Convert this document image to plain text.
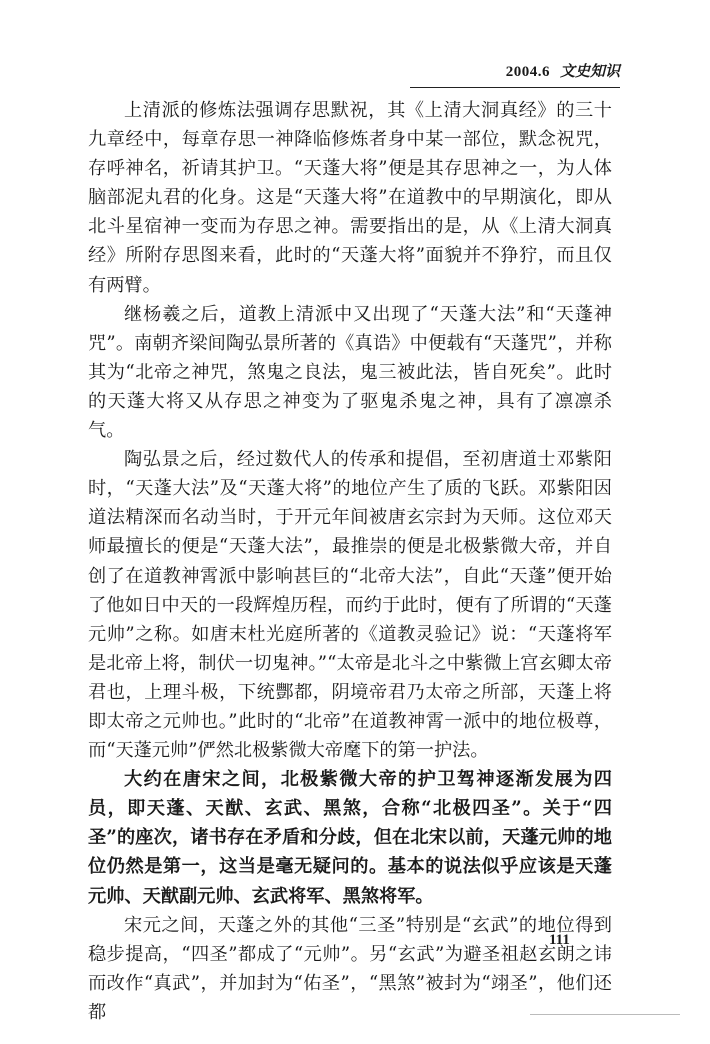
2004.6 文史知识

上清派的修炼法强调存思默祝，其《上清大洞真经》的三十九章经中，每章存思一神降临修炼者身中某一部位，默念祝咒，存呼神名，祈请其护卫。“天蓬大将”便是其存思神之一，为人体脑部泥丸君的化身。这是“天蓬大将”在道教中的早期演化，即从北斗星宿神一变而为存思之神。需要指出的是，从《上清大洞真经》所附存思图来看，此时的“天蓬大将”面貌并不狰狞，而且仅有两臂。

继杨羲之后，道教上清派中又出现了“天蓬大法”和“天蓬神咒”。南朝齐梁间陶弘景所著的《真诰》中便载有“天蓬咒”，并称其为“北帝之神咒，煞鬼之良法，鬼三被此法，皆自死矣”。此时的天蓬大将又从存思之神变为了驱鬼杀鬼之神，具有了凛凛杀气。

陶弘景之后，经过数代人的传承和提倡，至初唐道士邓紫阳时，“天蓬大法”及“天蓬大将”的地位产生了质的飞跃。邓紫阳因道法精深而名动当时，于开元年间被唐玄宗封为天师。这位邓天师最擅长的便是“天蓬大法”，最推崇的便是北极紫微大帝，并自创了在道教神霄派中影响甚巨的“北帝大法”，自此“天蓬”便开始了他如日中天的一段辉煌历程，而约于此时，便有了所谓的“天蓬元帅”之称。如唐末杜光庭所著的《道教灵验记》说：“天蓬将军是北帝上将，制伏一切鬼神。”“太帝是北斗之中紫微上宫玄卿太帝君也，上理斗极，下统酆都，阴境帝君乃太帝之所部，天蓬上将即太帝之元帅也。”此时的“北帝”在道教神霄一派中的地位极尊，而“天蓬元帅”俨然北极紫微大帝麾下的第一护法。

大约在唐宋之间，北极紫微大帝的护卫驾神逐渐发展为四员，即天蓬、天猷、玄武、黑煞，合称“北极四圣”。关于“四圣”的座次，诸书存在矛盾和分歧，但在北宋以前，天蓬元帅的地位仍然是第一，这当是毫无疑问的。基本的说法似乎应该是天蓬元帅、天猷副元帅、玄武将军、黑煞将军。

宋元之间，天蓬之外的其他“三圣”特别是“玄武”的地位得到稳步提高，“四圣”都成了“元帅”。另“玄武”为避圣祖赵玄朗之讳而改作“真武”，并加封为“佑圣”，“黑煞”被封为“翊圣”，他们还都

111
